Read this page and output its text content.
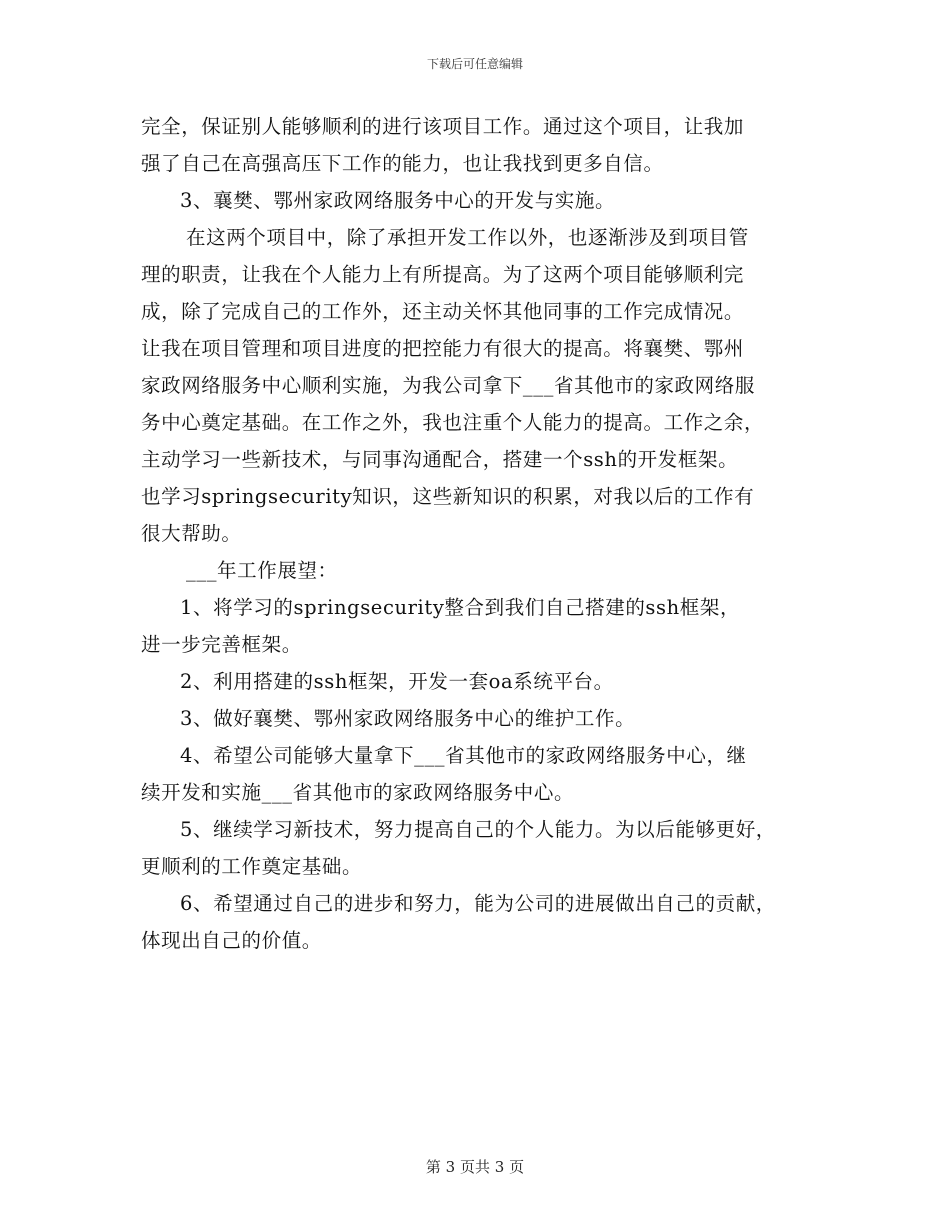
下载后可任意编辑

完全，保证别人能够顺利的进行该项目工作。通过这个项目，让我加
强了自己在高强高压下工作的能力，也让我找到更多自信。

3、襄樊、鄂州家政网络服务中心的开发与实施。

在这两个项目中，除了承担开发工作以外，也逐渐涉及到项目管
理的职责，让我在个人能力上有所提高。为了这两个项目能够顺利完
成，除了完成自己的工作外，还主动关怀其他同事的工作完成情况。
让我在项目管理和项目进度的把控能力有很大的提高。将襄樊、鄂州
家政网络服务中心顺利实施，为我公司拿下___省其他市的家政网络服
务中心奠定基础。在工作之外，我也注重个人能力的提高。工作之余，
主动学习一些新技术，与同事沟通配合，搭建一个ssh的开发框架。
也学习springsecurity知识，这些新知识的积累，对我以后的工作有
很大帮助。

___年工作展望：

1、将学习的springsecurity整合到我们自己搭建的ssh框架，
进一步完善框架。

2、利用搭建的ssh框架，开发一套oa系统平台。

3、做好襄樊、鄂州家政网络服务中心的维护工作。

4、希望公司能够大量拿下___省其他市的家政网络服务中心，继
续开发和实施___省其他市的家政网络服务中心。

5、继续学习新技术，努力提高自己的个人能力。为以后能够更好，
更顺利的工作奠定基础。

6、希望通过自己的进步和努力，能为公司的进展做出自己的贡献，
体现出自己的价值。

第 3 页共 3 页
